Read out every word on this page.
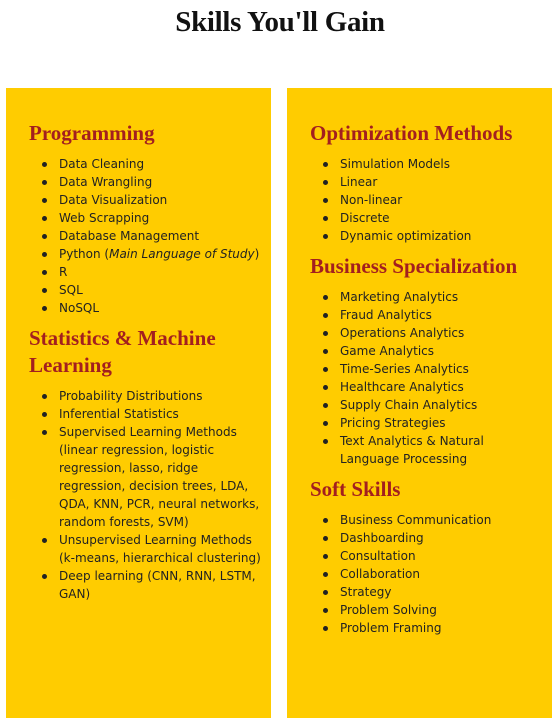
Skills You'll Gain
Programming
Data Cleaning
Data Wrangling
Data Visualization
Web Scrapping
Database Management
Python (Main Language of Study)
R
SQL
NoSQL
Statistics & Machine Learning
Probability Distributions
Inferential Statistics
Supervised Learning Methods (linear regression, logistic regression, lasso, ridge regression, decision trees, LDA, QDA, KNN, PCR, neural networks, random forests, SVM)
Unsupervised Learning Methods (k-means, hierarchical clustering)
Deep learning (CNN, RNN, LSTM, GAN)
Optimization Methods
Simulation Models
Linear
Non-linear
Discrete
Dynamic optimization
Business Specialization
Marketing Analytics
Fraud Analytics
Operations Analytics
Game Analytics
Time-Series Analytics
Healthcare Analytics
Supply Chain Analytics
Pricing Strategies
Text Analytics & Natural Language Processing
Soft Skills
Business Communication
Dashboarding
Consultation
Collaboration
Strategy
Problem Solving
Problem Framing
